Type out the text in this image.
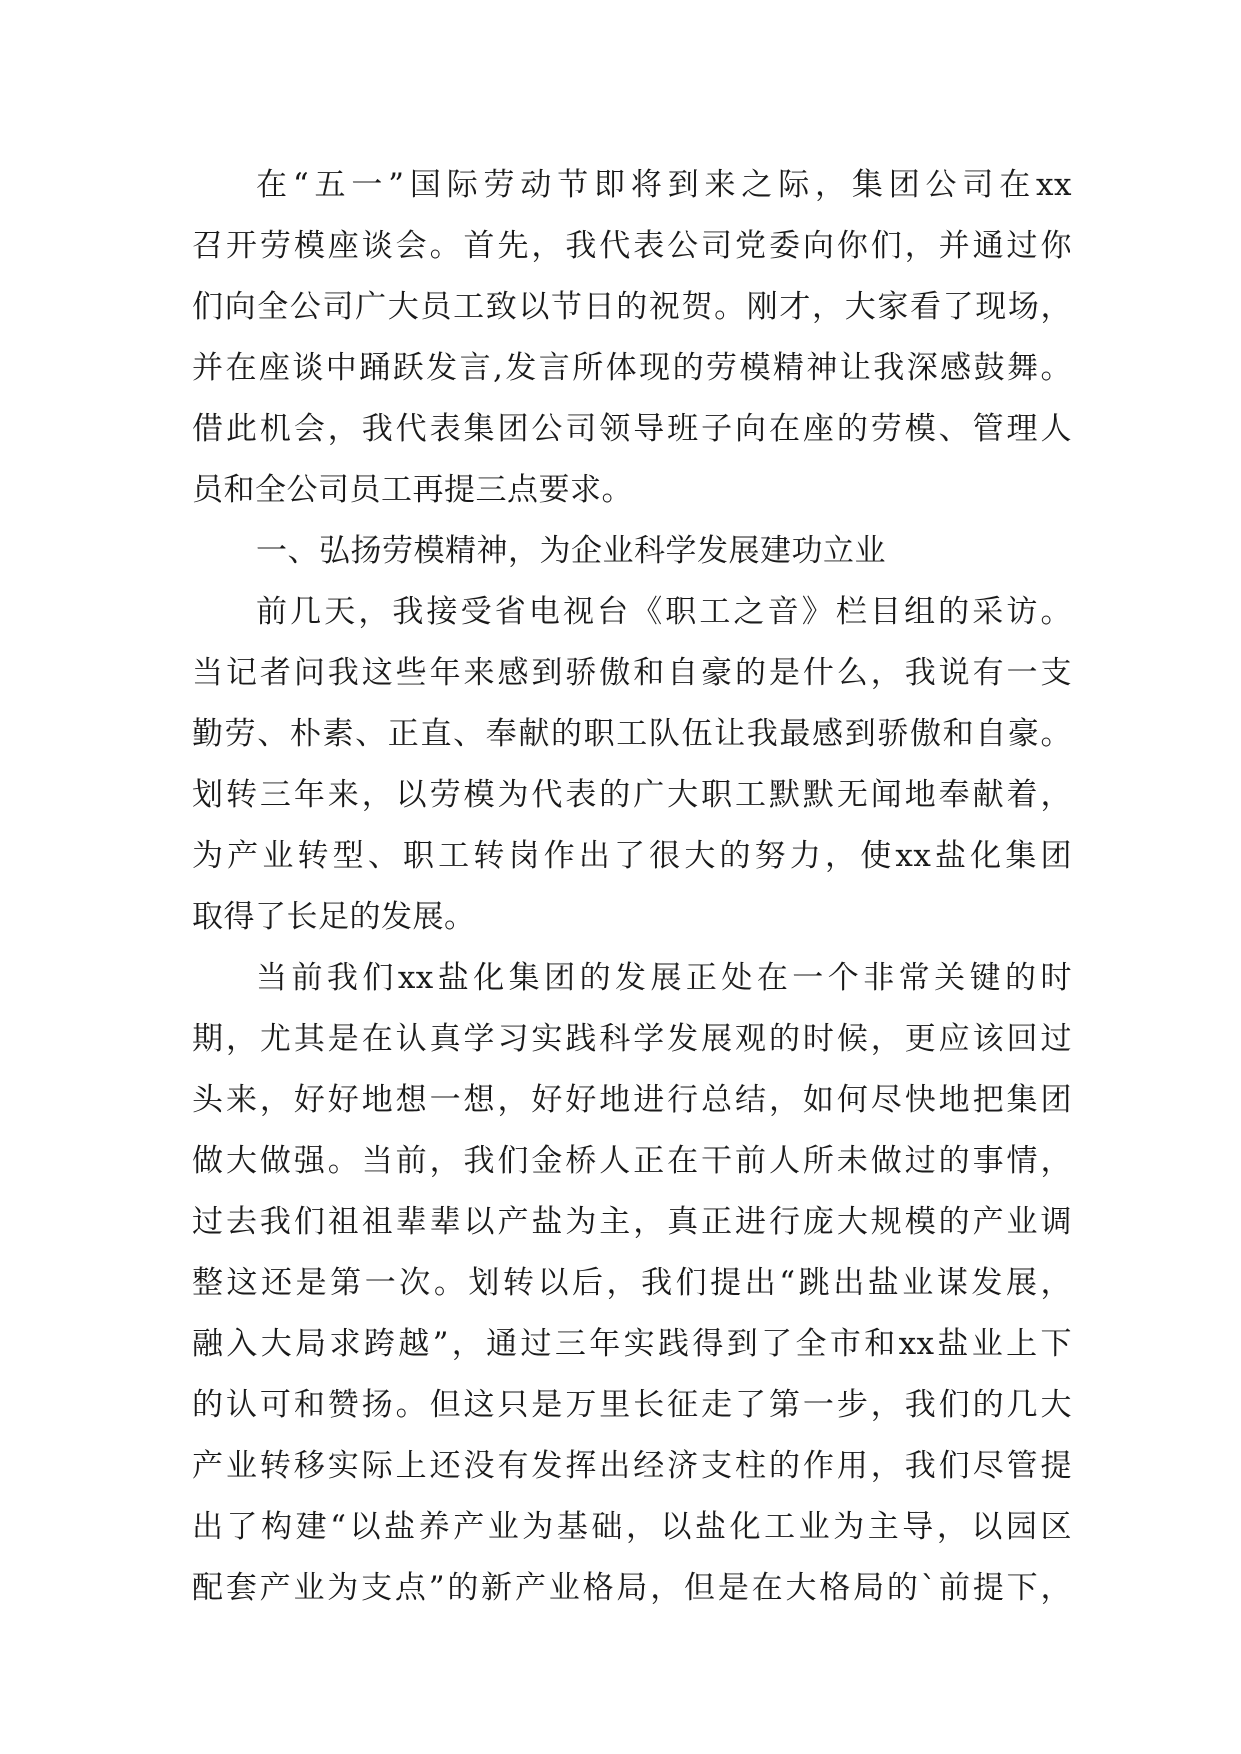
在“五一”国际劳动节即将到来之际，集团公司在xx
召开劳模座谈会。首先，我代表公司党委向你们，并通过你
们向全公司广大员工致以节日的祝贺。刚才，大家看了现场，
并在座谈中踊跃发言,发言所体现的劳模精神让我深感鼓舞。
借此机会，我代表集团公司领导班子向在座的劳模、管理人
员和全公司员工再提三点要求。
一、弘扬劳模精神，为企业科学发展建功立业
前几天，我接受省电视台《职工之音》栏目组的采访。
当记者问我这些年来感到骄傲和自豪的是什么，我说有一支
勤劳、朴素、正直、奉献的职工队伍让我最感到骄傲和自豪。
划转三年来，以劳模为代表的广大职工默默无闻地奉献着，
为产业转型、职工转岗作出了很大的努力，使xx盐化集团
取得了长足的发展。
当前我们xx盐化集团的发展正处在一个非常关键的时
期，尤其是在认真学习实践科学发展观的时候，更应该回过
头来，好好地想一想，好好地进行总结，如何尽快地把集团
做大做强。当前，我们金桥人正在干前人所未做过的事情，
过去我们祖祖辈辈以产盐为主，真正进行庞大规模的产业调
整这还是第一次。划转以后，我们提出“跳出盐业谋发展，
融入大局求跨越”，通过三年实践得到了全市和xx盐业上下
的认可和赞扬。但这只是万里长征走了第一步，我们的几大
产业转移实际上还没有发挥出经济支柱的作用，我们尽管提
出了构建“以盐养产业为基础，以盐化工业为主导，以园区
配套产业为支点”的新产业格局，但是在大格局的`前提下，
